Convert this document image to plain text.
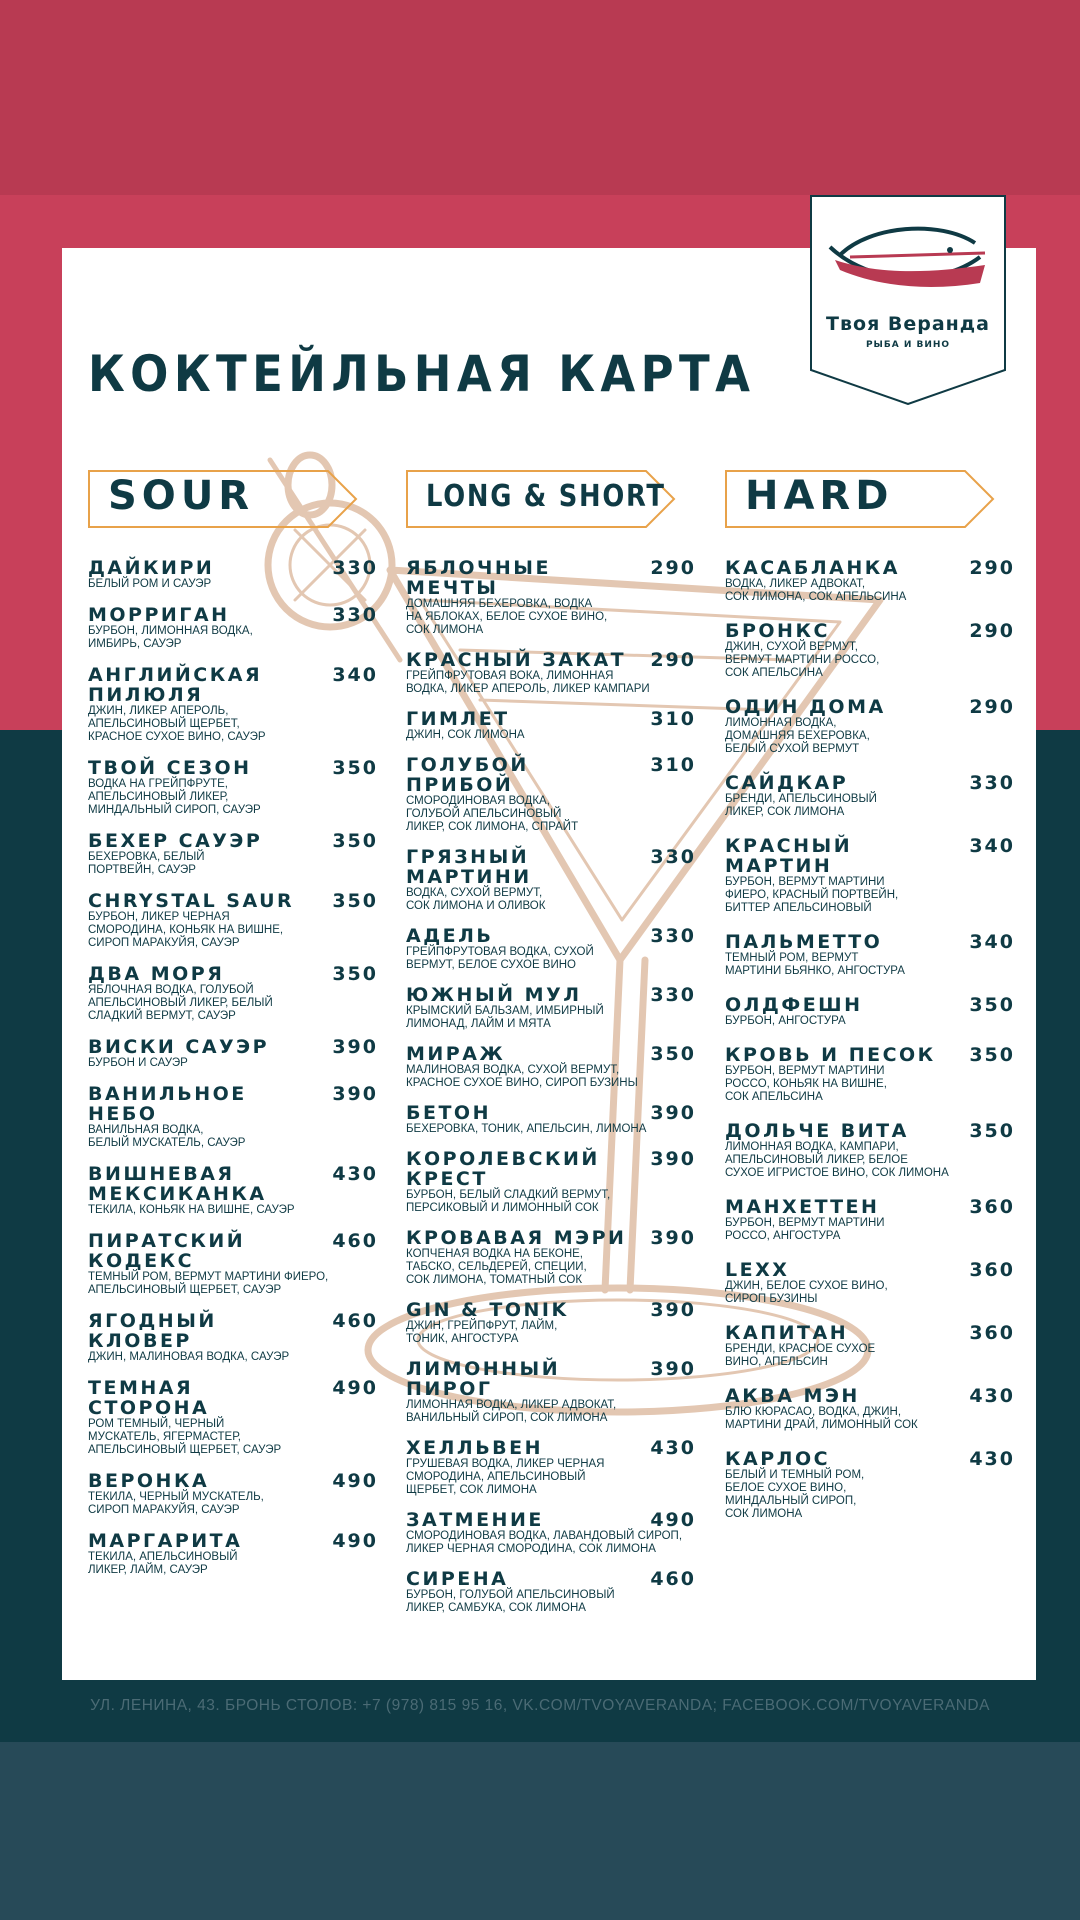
КОКТЕЙЛЬНАЯ КАРТА
Твоя Веранда
РЫБА И ВИНО
SOUR
ДАЙКИРИ	330
БЕЛЫЙ РОМ И САУЭР
МОРРИГАН	330
БУРБОН, ЛИМОННАЯ ВОДКА,
ИМБИРЬ, САУЭР
АНГЛИЙСКАЯ
ПИЛЮЛЯ
340
ДЖИН, ЛИКЕР АПЕРОЛЬ,
АПЕЛЬСИНОВЫЙ ЩЕРБЕТ,
КРАСНОЕ СУХОЕ ВИНО, САУЭР
ТВОЙ СЕЗОН	350
ВОДКА НА ГРЕЙПФРУТЕ,
АПЕЛЬСИНОВЫЙ ЛИКЕР,
МИНДАЛЬНЫЙ СИРОП, САУЭР
БЕХЕР САУЭР	350
БЕХЕРОВКА, БЕЛЫЙ
ПОРТВЕЙН, САУЭР
CHRYSTAL SAUR	350
БУРБОН, ЛИКЕР ЧЕРНАЯ
СМОРОДИНА, КОНЬЯК НА ВИШНЕ,
СИРОП МАРАКУЙЯ, САУЭР
ДВА МОРЯ	350
ЯБЛОЧНАЯ ВОДКА, ГОЛУБОЙ
АПЕЛЬСИНОВЫЙ ЛИКЕР, БЕЛЫЙ
СЛАДКИЙ ВЕРМУТ, САУЭР
ВИСКИ САУЭР	390
БУРБОН И САУЭР
ВАНИЛЬНОЕ НЕБО
390
ВАНИЛЬНАЯ ВОДКА,
БЕЛЫЙ МУСКАТЕЛЬ, САУЭР
ВИШНЕВАЯ
МЕКСИКАНКА
430
ТЕКИЛА, КОНЬЯК НА ВИШНЕ, САУЭР
ПИРАТСКИЙ КОДЕКС
460
ТЕМНЫЙ РОМ, ВЕРМУТ МАРТИНИ ФИЕРО,
АПЕЛЬСИНОВЫЙ ЩЕРБЕТ, САУЭР
ЯГОДНЫЙ КЛОВЕР
460
ДЖИН, МАЛИНОВАЯ ВОДКА, САУЭР
ТЕМНАЯ СТОРОНА
490
РОМ ТЕМНЫЙ, ЧЕРНЫЙ
МУСКАТЕЛЬ, ЯГЕРМАСТЕР,
АПЕЛЬСИНОВЫЙ ЩЕРБЕТ, САУЭР
ВЕРОНКА	490
ТЕКИЛА, ЧЕРНЫЙ МУСКАТЕЛЬ,
СИРОП МАРАКУЙЯ, САУЭР
МАРГАРИТА	490
ТЕКИЛА, АПЕЛЬСИНОВЫЙ
ЛИКЕР, ЛАЙМ, САУЭР
LONG & SHORT
ЯБЛОЧНЫЕ МЕЧТЫ
290
ДОМАШНЯЯ БЕХЕРОВКА, ВОДКА
НА ЯБЛОКАХ, БЕЛОЕ СУХОЕ ВИНО,
СОК ЛИМОНА
КРАСНЫЙ ЗАКАТ 290
ГРЕЙПФРУТОВАЯ ВОКА, ЛИМОННАЯ
ВОДКА, ЛИКЕР АПЕРОЛЬ, ЛИКЕР КАМПАРИ
ГИМЛЕТ	310
ДЖИН, СОК ЛИМОНА
ГОЛУБОЙ ПРИБОЙ
310
СМОРОДИНОВАЯ ВОДКА,
ГОЛУБОЙ АПЕЛЬСИНОВЫЙ
ЛИКЕР, СОК ЛИМОНА, СПРАЙТ
ГРЯЗНЫЙ МАРТИНИ
330
ВОДКА, СУХОЙ ВЕРМУТ,
СОК ЛИМОНА И ОЛИВОК
АДЕЛЬ	330
ГРЕЙПФРУТОВАЯ ВОДКА, СУХОЙ
ВЕРМУТ, БЕЛОЕ СУХОЕ ВИНО
ЮЖНЫЙ МУЛ	330
КРЫМСКИЙ БАЛЬЗАМ, ИМБИРНЫЙ
ЛИМОНАД, ЛАЙМ И МЯТА
МИРАЖ	350
МАЛИНОВАЯ ВОДКА, СУХОЙ ВЕРМУТ,
КРАСНОЕ СУХОЕ ВИНО, СИРОП БУЗИНЫ
БЕТОН	390
БЕХЕРОВКА, ТОНИК, АПЕЛЬСИН, ЛИМОНА
КОРОЛЕВСКИЙ
КРЕСТ
390
БУРБОН, БЕЛЫЙ СЛАДКИЙ ВЕРМУТ,
ПЕРСИКОВЫЙ И ЛИМОННЫЙ СОК
КРОВАВАЯ МЭРИ 390
КОПЧЕНАЯ ВОДКА НА БЕКОНЕ,
ТАБСКО, СЕЛЬДЕРЕЙ, СПЕЦИИ,
СОК ЛИМОНА, ТОМАТНЫЙ СОК
GIN & TONIK	390
ДЖИН, ГРЕЙПФРУТ, ЛАЙМ,
ТОНИК, АНГОСТУРА
ЛИМОННЫЙ ПИРОГ
390
ЛИМОННАЯ ВОДКА, ЛИКЕР АДВОКАТ,
ВАНИЛЬНЫЙ СИРОП, СОК ЛИМОНА
ХЕЛЛЬВЕН	430
ГРУШЕВАЯ ВОДКА, ЛИКЕР ЧЕРНАЯ
СМОРОДИНА, АПЕЛЬСИНОВЫЙ
ЩЕРБЕТ, СОК ЛИМОНА
ЗАТМЕНИЕ	490
СМОРОДИНОВАЯ ВОДКА, ЛАВАНДОВЫЙ СИРОП,
ЛИКЕР ЧЕРНАЯ СМОРОДИНА, СОК ЛИМОНА
СИРЕНА	460
БУРБОН, ГОЛУБОЙ АПЕЛЬСИНОВЫЙ
ЛИКЕР, САМБУКА, СОК ЛИМОНА
HARD
КАСАБЛАНКА	290
ВОДКА, ЛИКЕР АДВОКАТ,
СОК ЛИМОНА, СОК АПЕЛЬСИНА
БРОНКС	290
ДЖИН, СУХОЙ ВЕРМУТ,
ВЕРМУТ МАРТИНИ РОССО,
СОК АПЕЛЬСИНА
ОДИН ДОМА	290
ЛИМОННАЯ ВОДКА,
ДОМАШНЯЯ БЕХЕРОВКА,
БЕЛЫЙ СУХОЙ ВЕРМУТ
САЙДКАР	330
БРЕНДИ, АПЕЛЬСИНОВЫЙ
ЛИКЕР, СОК ЛИМОНА
КРАСНЫЙ МАРТИН
340
БУРБОН, ВЕРМУТ МАРТИНИ
ФИЕРО, КРАСНЫЙ ПОРТВЕЙН,
БИТТЕР АПЕЛЬСИНОВЫЙ
ПАЛЬМЕТТО	340
ТЕМНЫЙ РОМ, ВЕРМУТ
МАРТИНИ БЬЯНКО, АНГОСТУРА
ОЛДФЕШН	350
БУРБОН, АНГОСТУРА
КРОВЬ И ПЕСОК	350
БУРБОН, ВЕРМУТ МАРТИНИ
РОССО, КОНЬЯК НА ВИШНЕ,
СОК АПЕЛЬСИНА
ДОЛЬЧЕ ВИТА	350
ЛИМОННАЯ ВОДКА, КАМПАРИ,
АПЕЛЬСИНОВЫЙ ЛИКЕР, БЕЛОЕ
СУХОЕ ИГРИСТОЕ ВИНО, СОК ЛИМОНА
МАНХЕТТЕН	360
БУРБОН, ВЕРМУТ МАРТИНИ
РОССО, АНГОСТУРА
LEXX	360
ДЖИН, БЕЛОЕ СУХОЕ ВИНО,
СИРОП БУЗИНЫ
КАПИТАН	360
БРЕНДИ, КРАСНОЕ СУХОЕ
ВИНО, АПЕЛЬСИН
АКВА МЭН	430
БЛЮ КЮРАСАО, ВОДКА, ДЖИН,
МАРТИНИ ДРАЙ, ЛИМОННЫЙ СОК
КАРЛОС	430
БЕЛЫЙ И ТЕМНЫЙ РОМ,
БЕЛОЕ СУХОЕ ВИНО,
МИНДАЛЬНЫЙ СИРОП,
СОК ЛИМОНА
УЛ. ЛЕНИНА, 43. БРОНЬ СТОЛОВ: +7 (978) 815 95 16, VK.COM/TVOYAVERANDA; FACEBOOK.COM/TVOYAVERANDA
